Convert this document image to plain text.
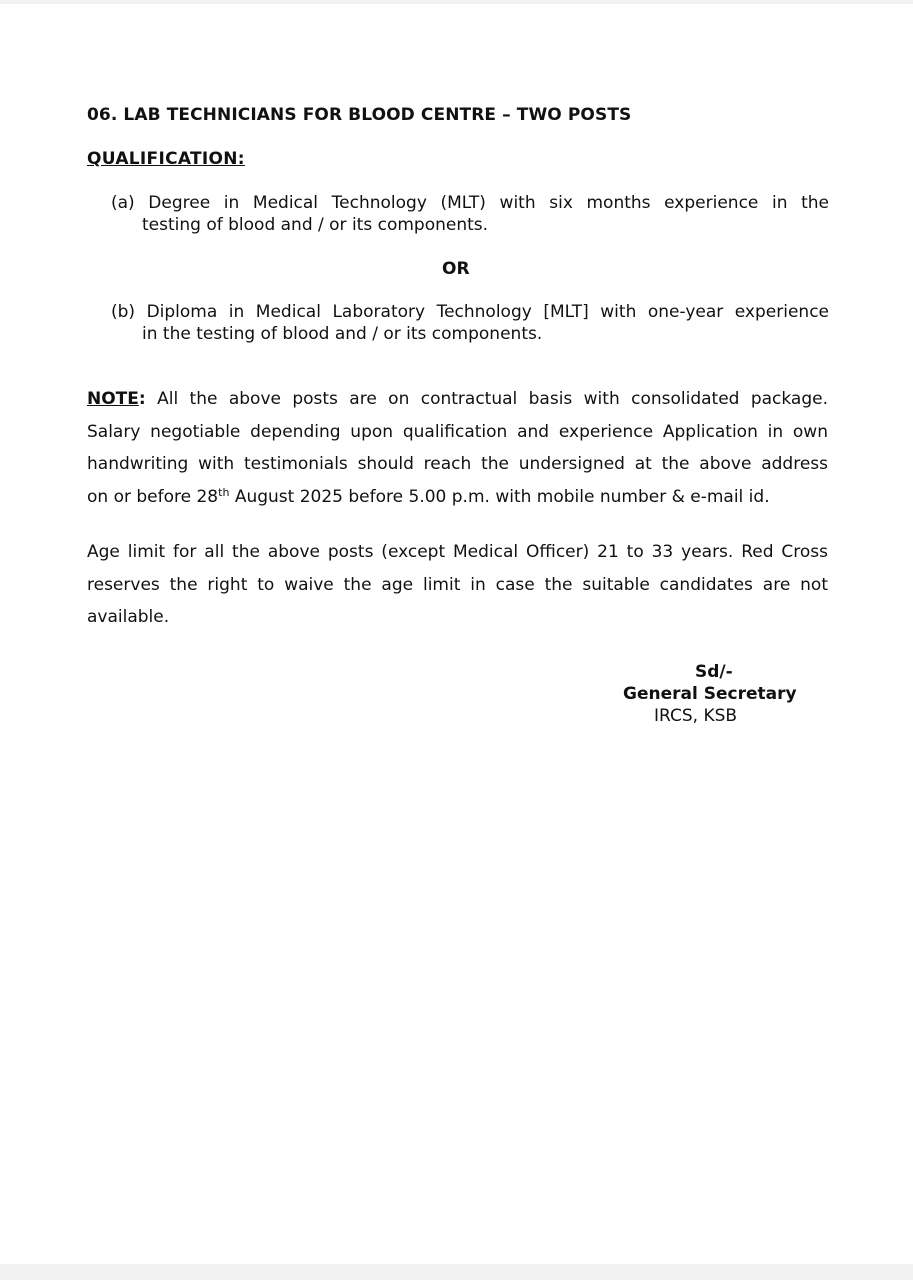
06. LAB TECHNICIANS FOR BLOOD CENTRE – TWO POSTS
QUALIFICATION:
(a) Degree in Medical Technology (MLT) with six months experience in the
testing of blood and / or its components.
OR
(b) Diploma in Medical Laboratory Technology [MLT] with one-year experience
in the testing of blood and / or its components.
NOTE: All the above posts are on contractual basis with consolidated package.
Salary negotiable depending upon qualification and experience Application in own
handwriting with testimonials should reach the undersigned at the above address
on or before 28th August 2025 before 5.00 p.m. with mobile number & e-mail id.
Age limit for all the above posts (except Medical Officer) 21 to 33 years. Red Cross
reserves the right to waive the age limit in case the suitable candidates are not
available.
Sd/-
General Secretary
IRCS, KSB
